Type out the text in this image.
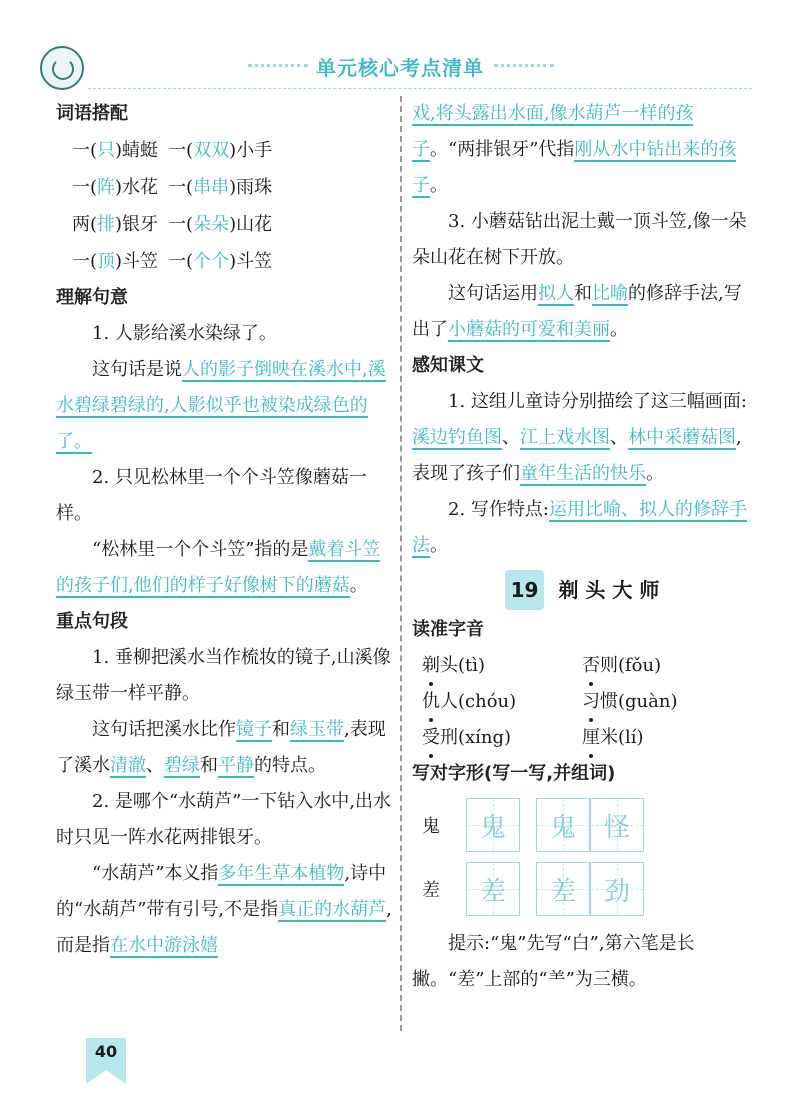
单元核心考点清单
词语搭配
一(只)蜻蜓	一(双双)小手
一(阵)水花	一(串串)雨珠
两(排)银牙	一(朵朵)山花
一(顶)斗笠	一(个个)斗笠
理解句意

1. 人影给溪水染绿了。

这句话是说人的影子倒映在溪水中,溪水碧绿碧绿的,人影似乎也被染成绿色的了。

2. 只见松林里一个个斗笠像蘑菇一样。

“松林里一个个斗笠”指的是戴着斗笠的孩子们,他们的样子好像树下的蘑菇。

重点句段

1. 垂柳把溪水当作梳妆的镜子,山溪像绿玉带一样平静。

这句话把溪水比作镜子和绿玉带,表现了溪水清澈、碧绿和平静的特点。

2. 是哪个“水葫芦”一下钻入水中,出水时只见一阵水花两排银牙。

“水葫芦”本义指多年生草本植物,诗中的“水葫芦”带有引号,不是指真正的水葫芦,而是指在水中游泳嬉

戏,将头露出水面,像水葫芦一样的孩子。“两排银牙”代指刚从水中钻出来的孩子。

3. 小蘑菇钻出泥土戴一顶斗笠,像一朵朵山花在树下开放。

这句话运用拟人和比喻的修辞手法,写出了小蘑菇的可爱和美丽。

感知课文

1. 这组儿童诗分别描绘了这三幅画面:溪边钓鱼图、江上戏水图、林中采蘑菇图,表现了孩子们童年生活的快乐。

2. 写作特点:运用比喻、拟人的修辞手法。

19 剃 头 大 师
读准字音
剃头(tì)	否则(fǒu)
仇人(chóu)	习惯(guàn)
受刑(xíng)	厘米(lí)
写对字形(写一写,并组词)
鬼	鬼 鬼 怪
差	差 差 劲

提示:“鬼”先写“白”,第六笔是长撇。“差”上部的“⺷”为三横。

40
